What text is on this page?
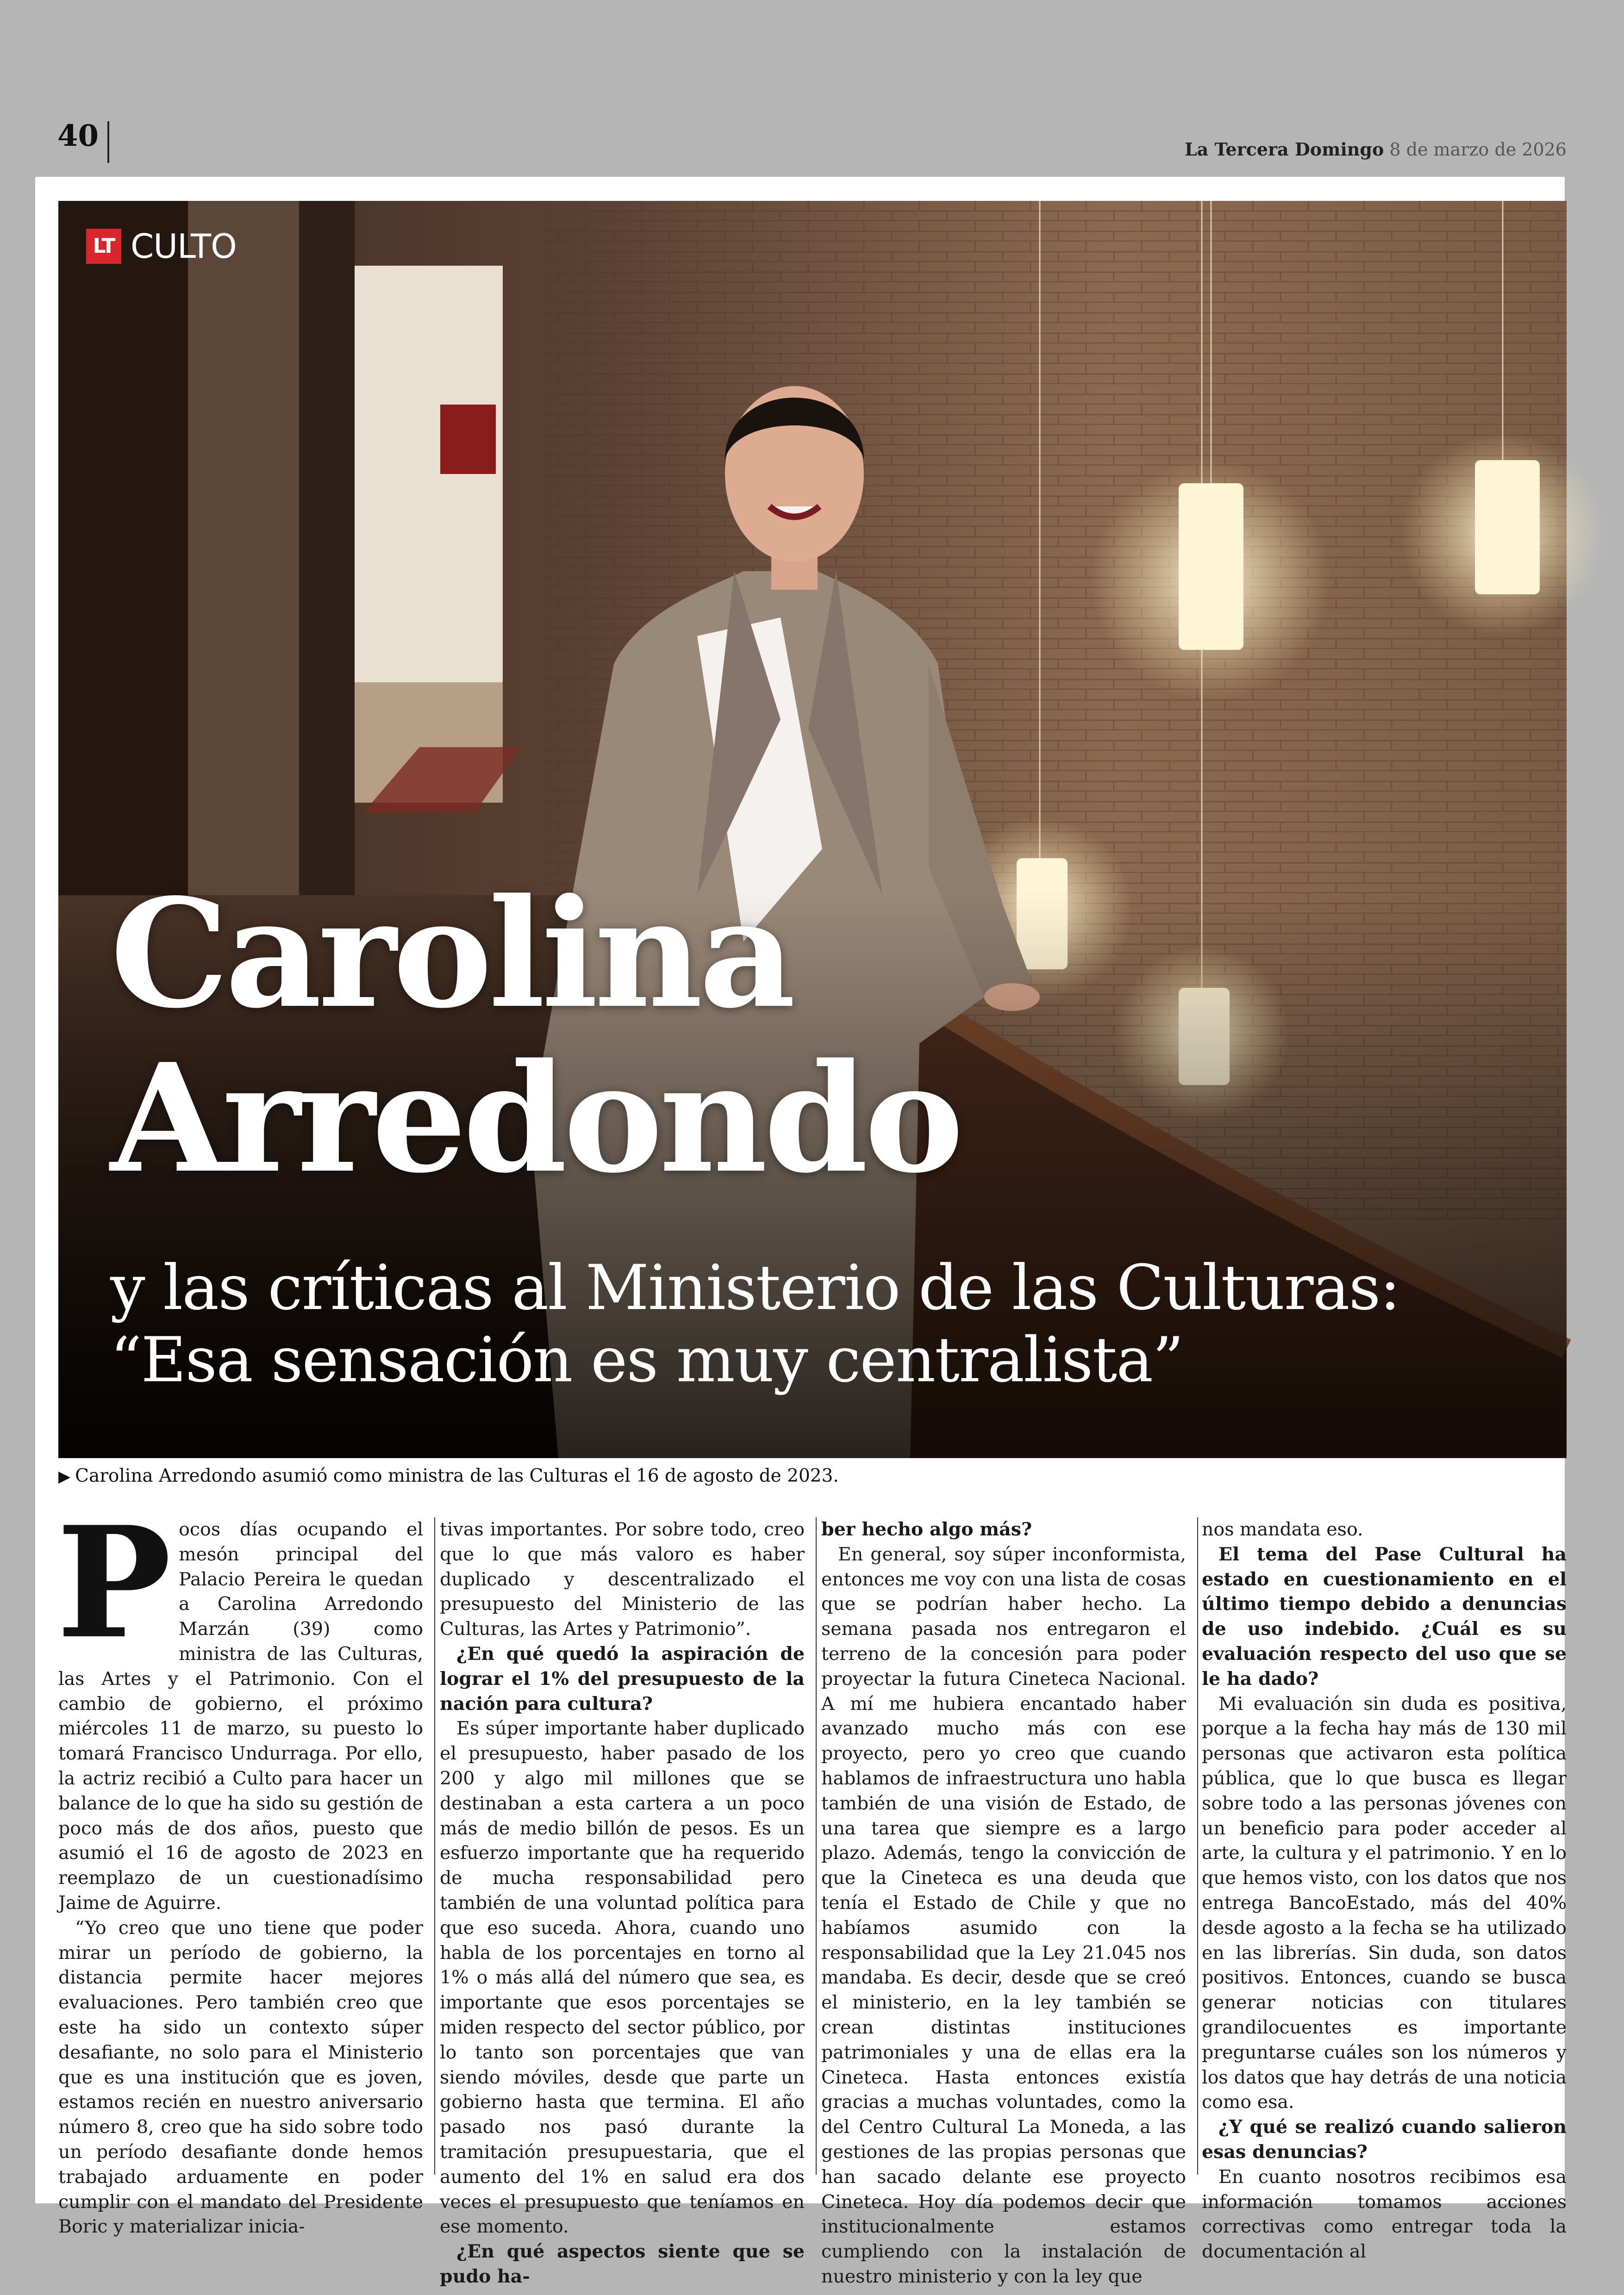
40	La Tercera Domingo 8 de marzo de 2026
LT CULTO
Carolina
Arredondo
y las críticas al Ministerio de las Culturas:
“Esa sensación es muy centralista”
▶ Carolina Arredondo asumió como ministra de las Culturas el 16 de agosto de 2023.

Pocos días ocupando el mesón principal del Palacio Pereira le quedan a Carolina Arredondo Marzán (39) como ministra de las Culturas, las Artes y el Patrimonio. Con el cambio de gobierno, el próximo miércoles 11 de marzo, su puesto lo tomará Francisco Undurraga. Por ello, la actriz recibió a Culto para hacer un balance de lo que ha sido su gestión de poco más de dos años, puesto que asumió el 16 de agosto de 2023 en reemplazo de un cuestionadísimo Jaime de Aguirre.

“Yo creo que uno tiene que poder mirar un período de gobierno, la distancia permite hacer mejores evaluaciones. Pero también creo que este ha sido un contexto súper desafiante, no solo para el Ministerio que es una institución que es joven, estamos recién en nuestro aniversario número 8, creo que ha sido sobre todo un período desafiante donde hemos trabajado arduamente en poder cumplir con el mandato del Presidente Boric y materializar inicia-

tivas importantes. Por sobre todo, creo que lo que más valoro es haber duplicado y descentralizado el presupuesto del Ministerio de las Culturas, las Artes y Patrimonio”.

¿En qué quedó la aspiración de lograr el 1% del presupuesto de la nación para cultura?

Es súper importante haber duplicado el presupuesto, haber pasado de los 200 y algo mil millones que se destinaban a esta cartera a un poco más de medio billón de pesos. Es un esfuerzo importante que ha requerido de mucha responsabilidad pero también de una voluntad política para que eso suceda. Ahora, cuando uno habla de los porcentajes en torno al 1% o más allá del número que sea, es importante que esos porcentajes se miden respecto del sector público, por lo tanto son porcentajes que van siendo móviles, desde que parte un gobierno hasta que termina. El año pasado nos pasó durante la tramitación presupuestaria, que el aumento del 1% en salud era dos veces el presupuesto que teníamos en ese momento.

¿En qué aspectos siente que se pudo ha-

ber hecho algo más?

En general, soy súper inconformista, entonces me voy con una lista de cosas que se podrían haber hecho. La semana pasada nos entregaron el terreno de la concesión para poder proyectar la futura Cineteca Nacional. A mí me hubiera encantado haber avanzado mucho más con ese proyecto, pero yo creo que cuando hablamos de infraestructura uno habla también de una visión de Estado, de una tarea que siempre es a largo plazo. Además, tengo la convicción de que la Cineteca es una deuda que tenía el Estado de Chile y que no habíamos asumido con la responsabilidad que la Ley 21.045 nos mandaba. Es decir, desde que se creó el ministerio, en la ley también se crean distintas instituciones patrimoniales y una de ellas era la Cineteca. Hasta entonces existía gracias a muchas voluntades, como la del Centro Cultural La Moneda, a las gestiones de las propias personas que han sacado delante ese proyecto Cineteca. Hoy día podemos decir que institucionalmente estamos cumpliendo con la instalación de nuestro ministerio y con la ley que

nos mandata eso.

El tema del Pase Cultural ha estado en cuestionamiento en el último tiempo debido a denuncias de uso indebido. ¿Cuál es su evaluación respecto del uso que se le ha dado?

Mi evaluación sin duda es positiva, porque a la fecha hay más de 130 mil personas que activaron esta política pública, que lo que busca es llegar sobre todo a las personas jóvenes con un beneficio para poder acceder al arte, la cultura y el patrimonio. Y en lo que hemos visto, con los datos que nos entrega BancoEstado, más del 40% desde agosto a la fecha se ha utilizado en las librerías. Sin duda, son datos positivos. Entonces, cuando se busca generar noticias con titulares grandilocuentes es importante preguntarse cuáles son los números y los datos que hay detrás de una noticia como esa.

¿Y qué se realizó cuando salieron esas denuncias?

En cuanto nosotros recibimos esa información tomamos acciones correctivas como entregar toda la documentación al
